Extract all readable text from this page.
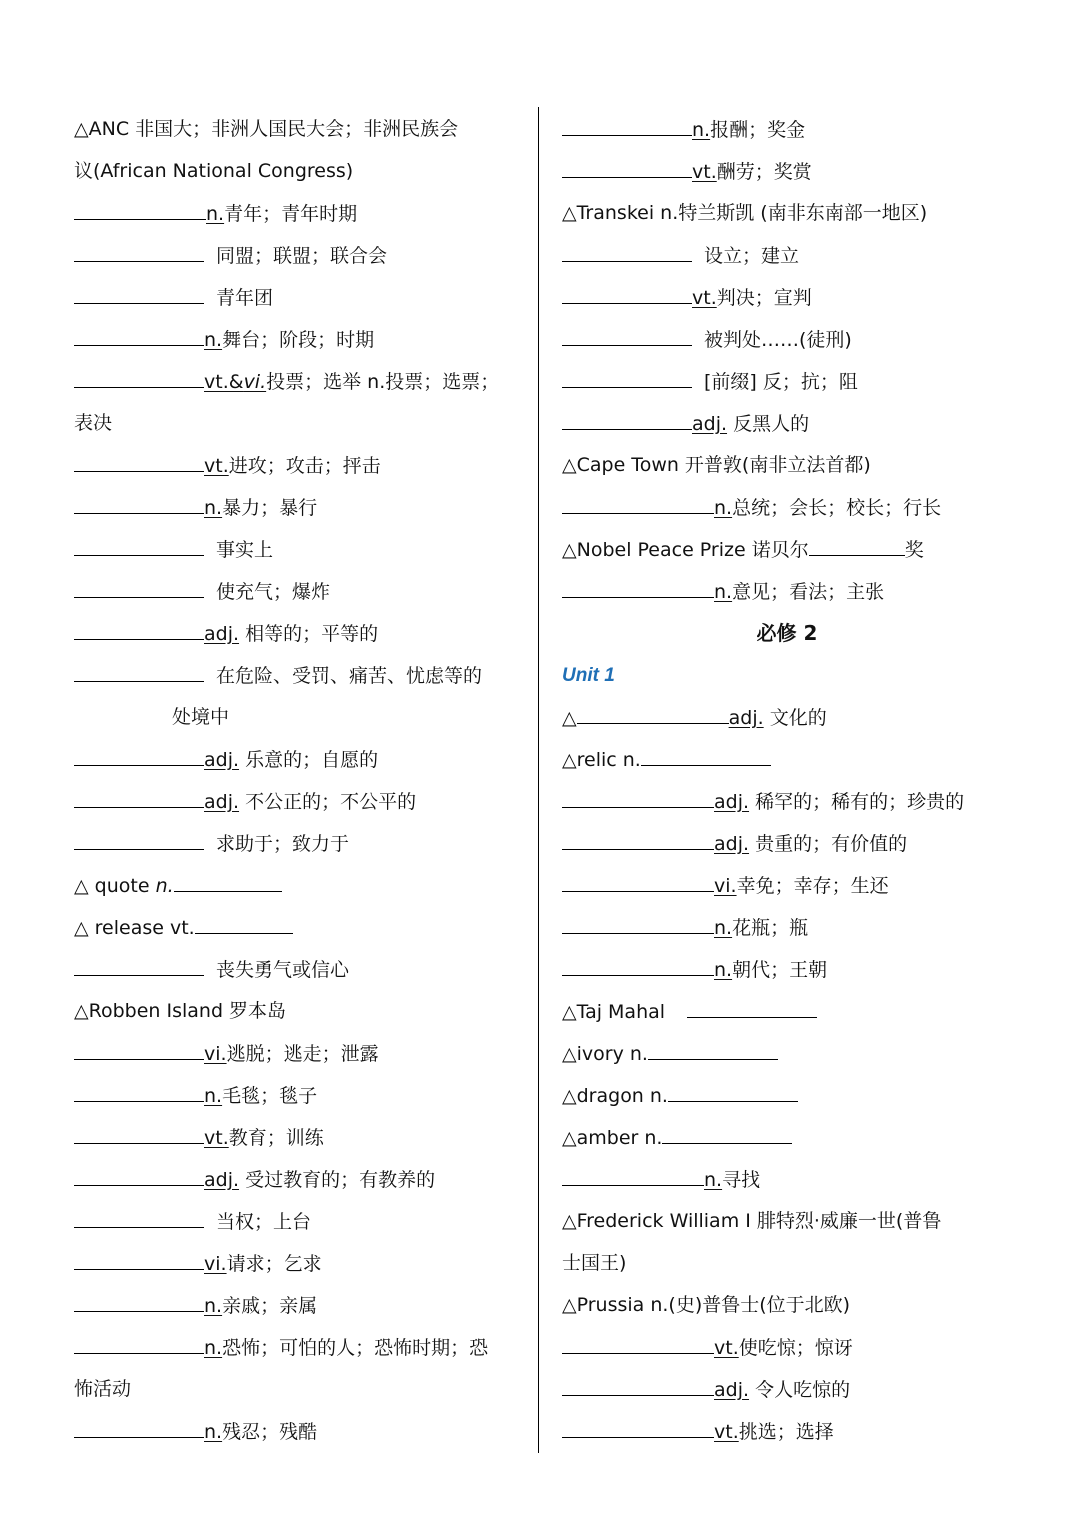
△ANC 非国大；非洲人国民大会；非洲民族会
议(African National Congress)
n.青年；青年时期
同盟；联盟；联合会
青年团
n.舞台；阶段；时期
vt.&vi.投票；选举 n.投票；选票；
表决
vt.进攻；攻击；抨击
n.暴力；暴行
事实上
使充气；爆炸
adj. 相等的；平等的
在危险、受罚、痛苦、忧虑等的
处境中
adj. 乐意的；自愿的
adj. 不公正的；不公平的
求助于；致力于
△ quote n.
△ release vt.
丧失勇气或信心
△Robben Island 罗本岛
vi.逃脱；逃走；泄露
n.毛毯；毯子
vt.教育；训练
adj. 受过教育的；有教养的
当权；上台
vi.请求；乞求
n.亲戚；亲属
n.恐怖；可怕的人；恐怖时期；恐
怖活动
n.残忍；残酷
n.报酬；奖金
vt.酬劳；奖赏
△Transkei n.特兰斯凯 (南非东南部一地区)
设立；建立
vt.判决；宣判
被判处……(徒刑)
[前缀] 反；抗；阻
adj. 反黑人的
△Cape Town 开普敦(南非立法首都)
n.总统；会长；校长；行长
△Nobel Peace Prize 诺贝尔	奖
n.意见；看法；主张
必修 2
Unit 1
△	adj. 文化的
△relic n.
adj. 稀罕的；稀有的；珍贵的
adj. 贵重的；有价值的
vi.幸免；幸存；生还
n.花瓶；瓶
n.朝代；王朝
△Taj Mahal
△ivory n.
△dragon n.
△amber n.
n.寻找
△Frederick William I 腓特烈·威廉一世(普鲁
士国王)
△Prussia n.(史)普鲁士(位于北欧)
vt.使吃惊；惊讶
adj. 令人吃惊的
vt.挑选；选择
